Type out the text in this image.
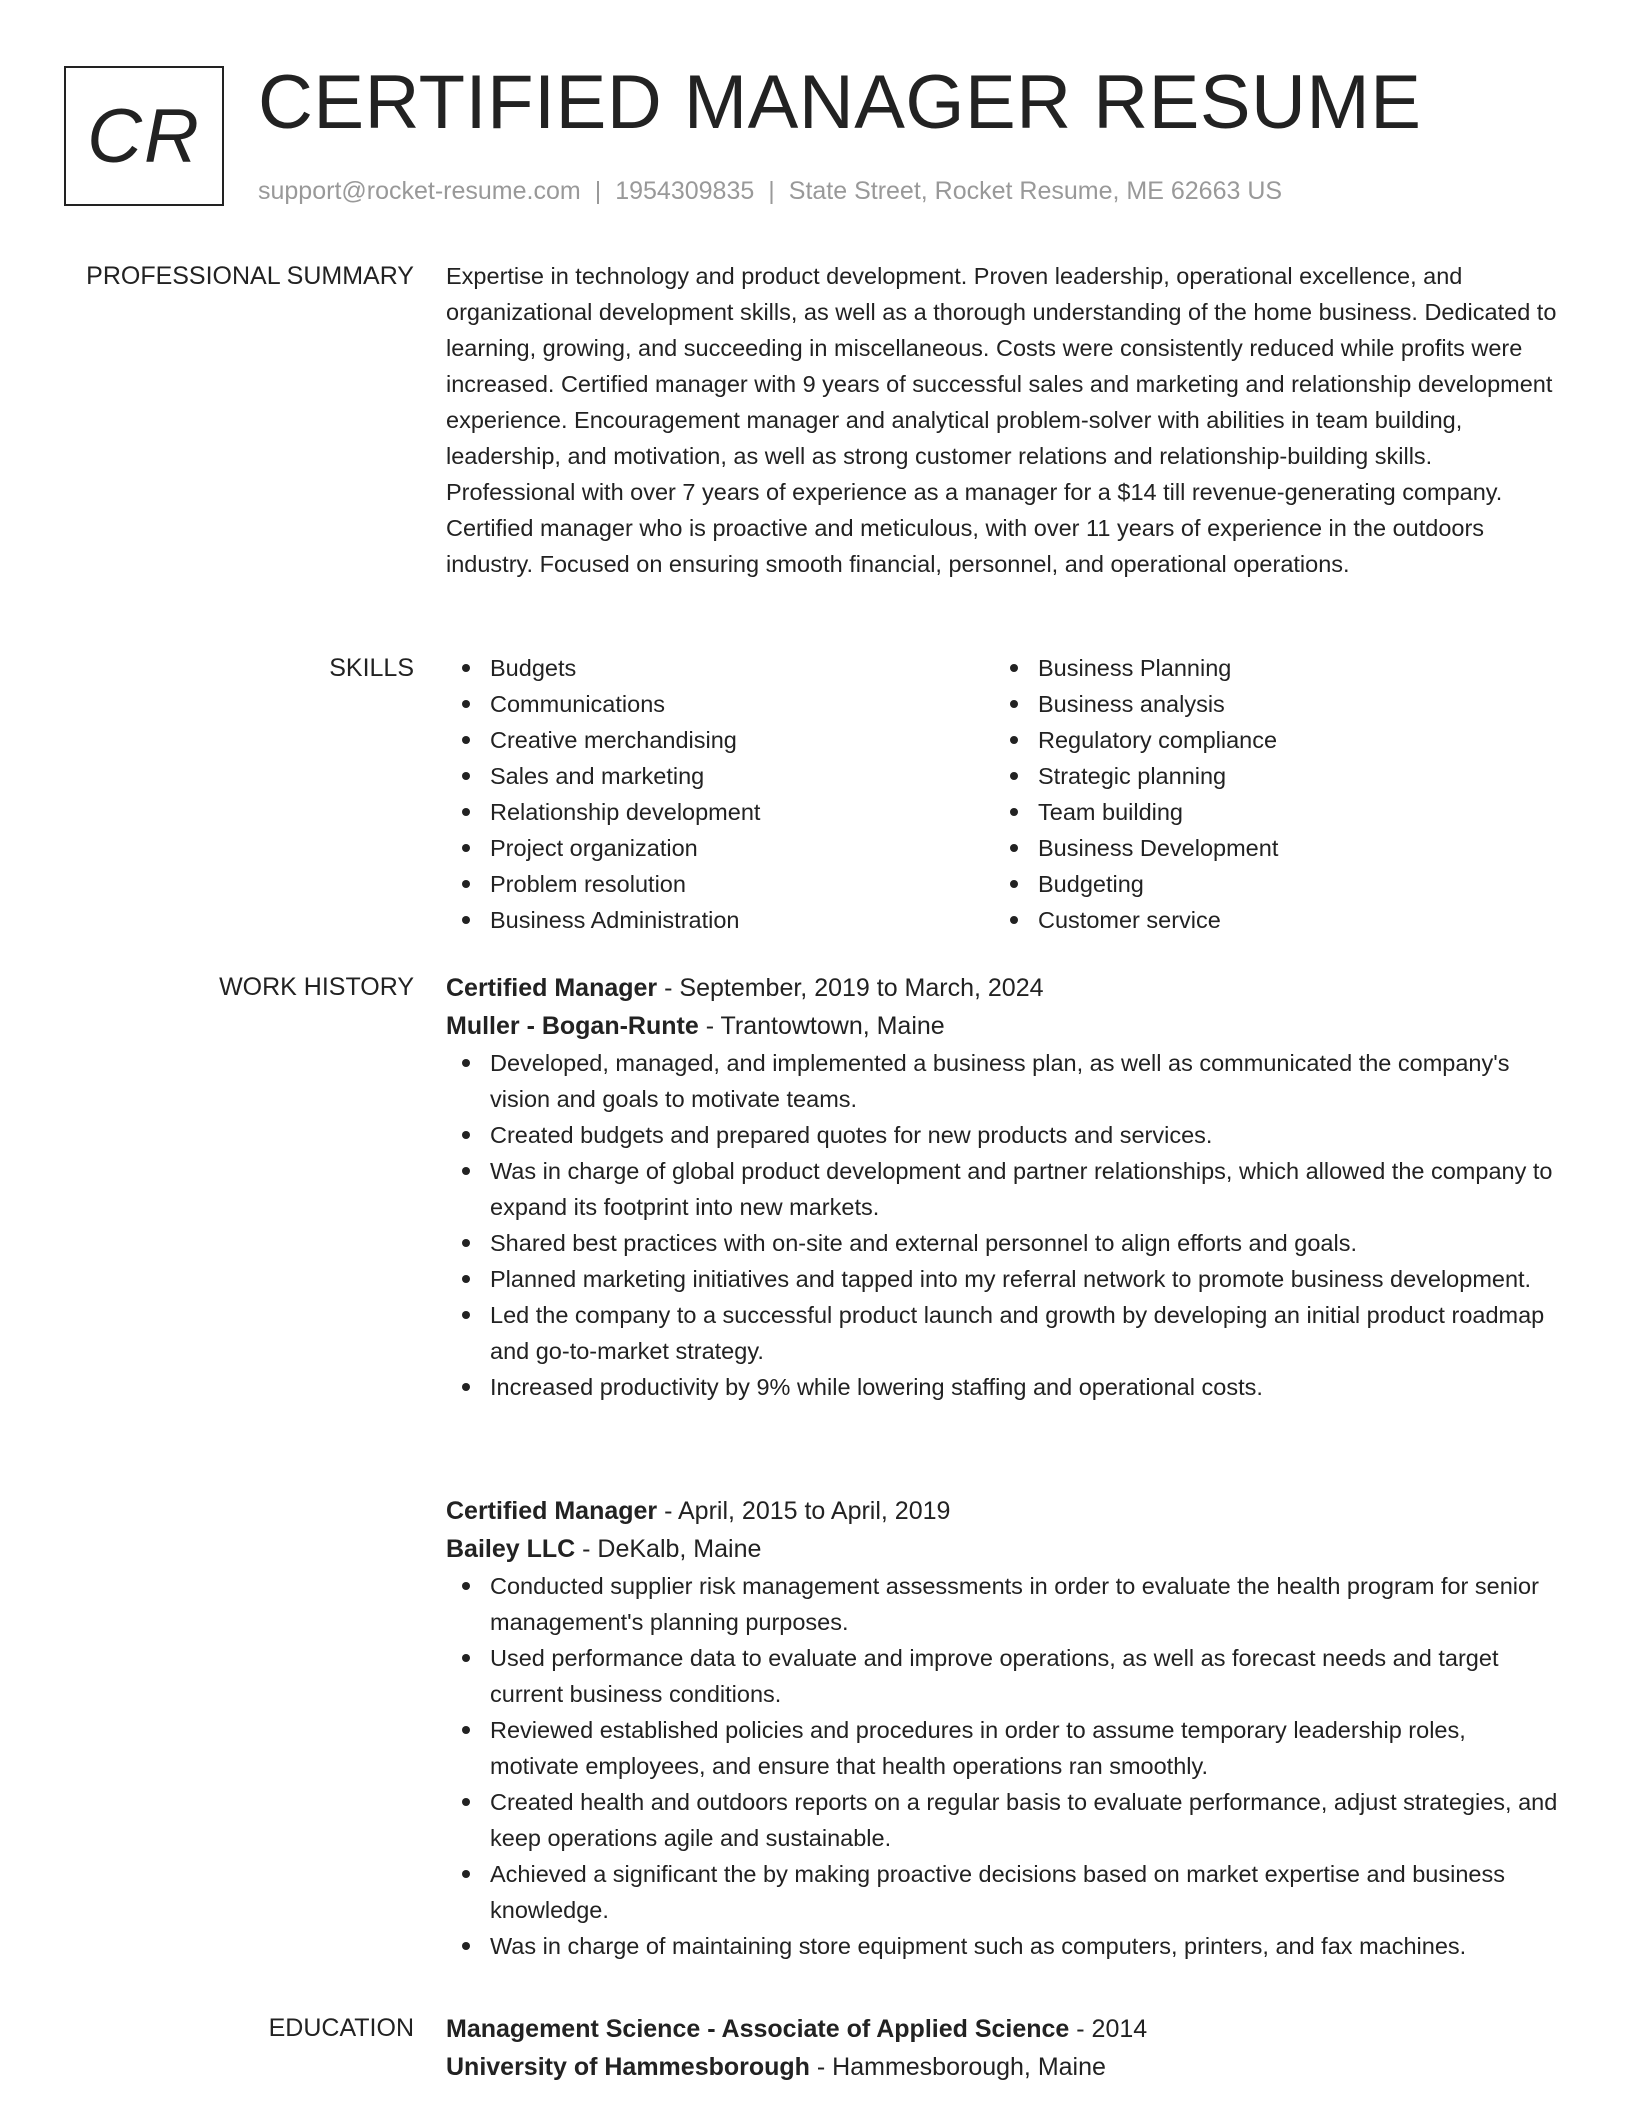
CR CERTIFIED MANAGER RESUME
support@rocket-resume.com | 1954309835 | State Street, Rocket Resume, ME 62663 US
PROFESSIONAL SUMMARY Expertise in technology and product development. Proven leadership, operational excellence, and organizational development skills, as well as a thorough understanding of the home business. Dedicated to learning, growing, and succeeding in miscellaneous. Costs were consistently reduced while profits were increased. Certified manager with 9 years of successful sales and marketing and relationship development experience. Encouragement manager and analytical problem-solver with abilities in team building, leadership, and motivation, as well as strong customer relations and relationship-building skills. Professional with over 7 years of experience as a manager for a $14 till revenue-generating company. Certified manager who is proactive and meticulous, with over 11 years of experience in the outdoors industry. Focused on ensuring smooth financial, personnel, and operational operations.

SKILLS	Budgets
Communications
Creative merchandising
Sales and marketing
Relationship development
Project organization
Problem resolution
Business Administration
Business Planning
Business analysis
Regulatory compliance
Strategic planning
Team building
Business Development
Budgeting
Customer service
WORK HISTORY Certified Manager - September, 2019 to March, 2024
Muller - Bogan-Runte - Trantowtown, Maine
Developed, managed, and implemented a business plan, as well as communicated the company's vision and goals to motivate teams.
Created budgets and prepared quotes for new products and services.
Was in charge of global product development and partner relationships, which allowed the company to expand its footprint into new markets.
Shared best practices with on-site and external personnel to align efforts and goals.
Planned marketing initiatives and tapped into my referral network to promote business development.
Led the company to a successful product launch and growth by developing an initial product roadmap and go-to-market strategy.
Increased productivity by 9% while lowering staffing and operational costs.
Certified Manager - April, 2015 to April, 2019
Bailey LLC - DeKalb, Maine
Conducted supplier risk management assessments in order to evaluate the health program for senior management's planning purposes.
Used performance data to evaluate and improve operations, as well as forecast needs and target current business conditions.
Reviewed established policies and procedures in order to assume temporary leadership roles, motivate employees, and ensure that health operations ran smoothly.
Created health and outdoors reports on a regular basis to evaluate performance, adjust strategies, and keep operations agile and sustainable.
Achieved a significant the by making proactive decisions based on market expertise and business knowledge.
Was in charge of maintaining store equipment such as computers, printers, and fax machines.
EDUCATION Management Science - Associate of Applied Science - 2014
University of Hammesborough - Hammesborough, Maine
